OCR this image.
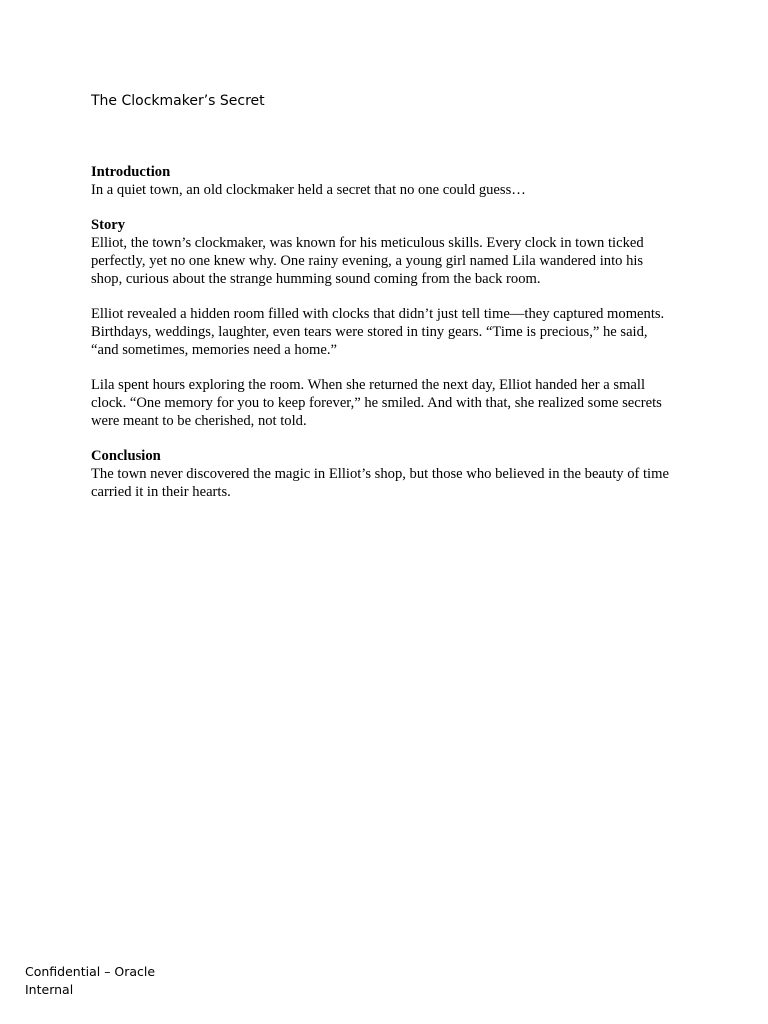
The Clockmaker’s Secret
Introduction

In a quiet town, an old clockmaker held a secret that no one could guess…

Story

Elliot, the town’s clockmaker, was known for his meticulous skills. Every clock in town ticked perfectly, yet no one knew why. One rainy evening, a young girl named Lila wandered into his shop, curious about the strange humming sound coming from the back room.

Elliot revealed a hidden room filled with clocks that didn’t just tell time—they captured moments. Birthdays, weddings, laughter, even tears were stored in tiny gears. “Time is precious,” he said, “and sometimes, memories need a home.”

Lila spent hours exploring the room. When she returned the next day, Elliot handed her a small clock. “One memory for you to keep forever,” he smiled. And with that, she realized some secrets were meant to be cherished, not told.

Conclusion

The town never discovered the magic in Elliot’s shop, but those who believed in the beauty of time carried it in their hearts.

Confidential – Oracle Internal
